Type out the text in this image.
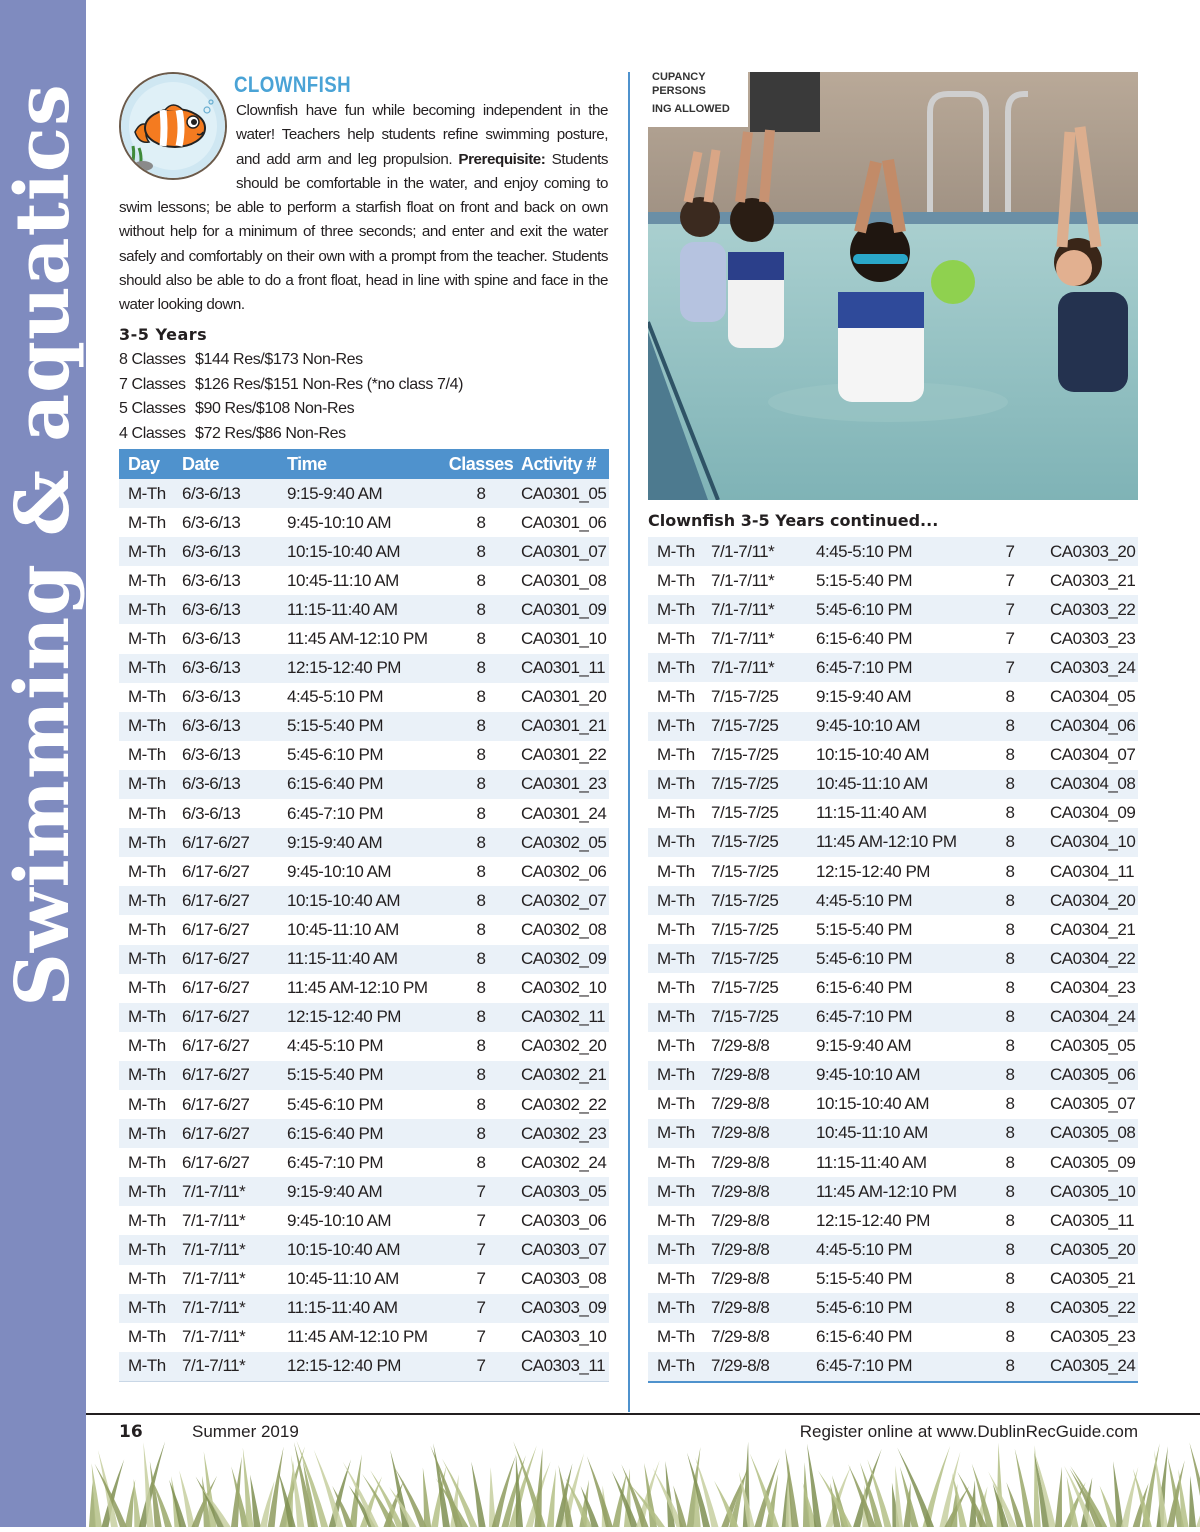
Swimming & aquatics	CLOWNFISH
Clownfish have fun while becoming independent in the water! Teachers help students refine swimming posture, and add arm and leg propulsion. Prerequisite: Students should be comfortable in the water, and enjoy coming to swim lessons; be able to perform a starfish float on front and back on own without help for a minimum of three seconds; and enter and exit the water safely and comfortably on their own with a prompt from the teacher. Students should also be able to do a front float, head in line with spine and face in the water looking down.
3-5 Years
8 Classes $144 Res/$173 Non-Res
7 Classes $126 Res/$151 Non-Res (*no class 7/4)
5 Classes $90 Res/$108 Non-Res
4 Classes $72 Res/$86 Non-Res
Day	Date	Time	Classes	Activity #
M-Th	6/3-6/13	9:15-9:40 AM	8	CA0301_05
M-Th	6/3-6/13	9:45-10:10 AM	8	CA0301_06
M-Th	6/3-6/13	10:15-10:40 AM	8	CA0301_07
M-Th	6/3-6/13	10:45-11:10 AM	8	CA0301_08
M-Th	6/3-6/13	11:15-11:40 AM	8	CA0301_09
M-Th	6/3-6/13	11:45 AM-12:10 PM	8	CA0301_10
M-Th	6/3-6/13	12:15-12:40 PM	8	CA0301_11
M-Th	6/3-6/13	4:45-5:10 PM	8	CA0301_20
M-Th	6/3-6/13	5:15-5:40 PM	8	CA0301_21
M-Th	6/3-6/13	5:45-6:10 PM	8	CA0301_22
M-Th	6/3-6/13	6:15-6:40 PM	8	CA0301_23
M-Th	6/3-6/13	6:45-7:10 PM	8	CA0301_24
M-Th	6/17-6/27	9:15-9:40 AM	8	CA0302_05
M-Th	6/17-6/27	9:45-10:10 AM	8	CA0302_06
M-Th	6/17-6/27	10:15-10:40 AM	8	CA0302_07
M-Th	6/17-6/27	10:45-11:10 AM	8	CA0302_08
M-Th	6/17-6/27	11:15-11:40 AM	8	CA0302_09
M-Th	6/17-6/27	11:45 AM-12:10 PM	8	CA0302_10
M-Th	6/17-6/27	12:15-12:40 PM	8	CA0302_11
M-Th	6/17-6/27	4:45-5:10 PM	8	CA0302_20
M-Th	6/17-6/27	5:15-5:40 PM	8	CA0302_21
M-Th	6/17-6/27	5:45-6:10 PM	8	CA0302_22
M-Th	6/17-6/27	6:15-6:40 PM	8	CA0302_23
M-Th	6/17-6/27	6:45-7:10 PM	8	CA0302_24
M-Th	7/1-7/11*	9:15-9:40 AM	7	CA0303_05
M-Th	7/1-7/11*	9:45-10:10 AM	7	CA0303_06
M-Th	7/1-7/11*	10:15-10:40 AM	7	CA0303_07
M-Th	7/1-7/11*	10:45-11:10 AM	7	CA0303_08
M-Th	7/1-7/11*	11:15-11:40 AM	7	CA0303_09
M-Th	7/1-7/11*	11:45 AM-12:10 PM	7	CA0303_10
M-Th	7/1-7/11*	12:15-12:40 PM	7	CA0303_11
CUPANCY
PERSONS
ING ALLOWED
Clownfish 3-5 Years continued...
M-Th	7/1-7/11*	4:45-5:10 PM	7	CA0303_20
M-Th	7/1-7/11*	5:15-5:40 PM	7	CA0303_21
M-Th	7/1-7/11*	5:45-6:10 PM	7	CA0303_22
M-Th	7/1-7/11*	6:15-6:40 PM	7	CA0303_23
M-Th	7/1-7/11*	6:45-7:10 PM	7	CA0303_24
M-Th	7/15-7/25	9:15-9:40 AM	8	CA0304_05
M-Th	7/15-7/25	9:45-10:10 AM	8	CA0304_06
M-Th	7/15-7/25	10:15-10:40 AM	8	CA0304_07
M-Th	7/15-7/25	10:45-11:10 AM	8	CA0304_08
M-Th	7/15-7/25	11:15-11:40 AM	8	CA0304_09
M-Th	7/15-7/25	11:45 AM-12:10 PM	8	CA0304_10
M-Th	7/15-7/25	12:15-12:40 PM	8	CA0304_11
M-Th	7/15-7/25	4:45-5:10 PM	8	CA0304_20
M-Th	7/15-7/25	5:15-5:40 PM	8	CA0304_21
M-Th	7/15-7/25	5:45-6:10 PM	8	CA0304_22
M-Th	7/15-7/25	6:15-6:40 PM	8	CA0304_23
M-Th	7/15-7/25	6:45-7:10 PM	8	CA0304_24
M-Th	7/29-8/8	9:15-9:40 AM	8	CA0305_05
M-Th	7/29-8/8	9:45-10:10 AM	8	CA0305_06
M-Th	7/29-8/8	10:15-10:40 AM	8	CA0305_07
M-Th	7/29-8/8	10:45-11:10 AM	8	CA0305_08
M-Th	7/29-8/8	11:15-11:40 AM	8	CA0305_09
M-Th	7/29-8/8	11:45 AM-12:10 PM	8	CA0305_10
M-Th	7/29-8/8	12:15-12:40 PM	8	CA0305_11
M-Th	7/29-8/8	4:45-5:10 PM	8	CA0305_20
M-Th	7/29-8/8	5:15-5:40 PM	8	CA0305_21
M-Th	7/29-8/8	5:45-6:10 PM	8	CA0305_22
M-Th	7/29-8/8	6:15-6:40 PM	8	CA0305_23
M-Th	7/29-8/8	6:45-7:10 PM	8	CA0305_24
16	Summer 2019	Register online at www.DublinRecGuide.com
